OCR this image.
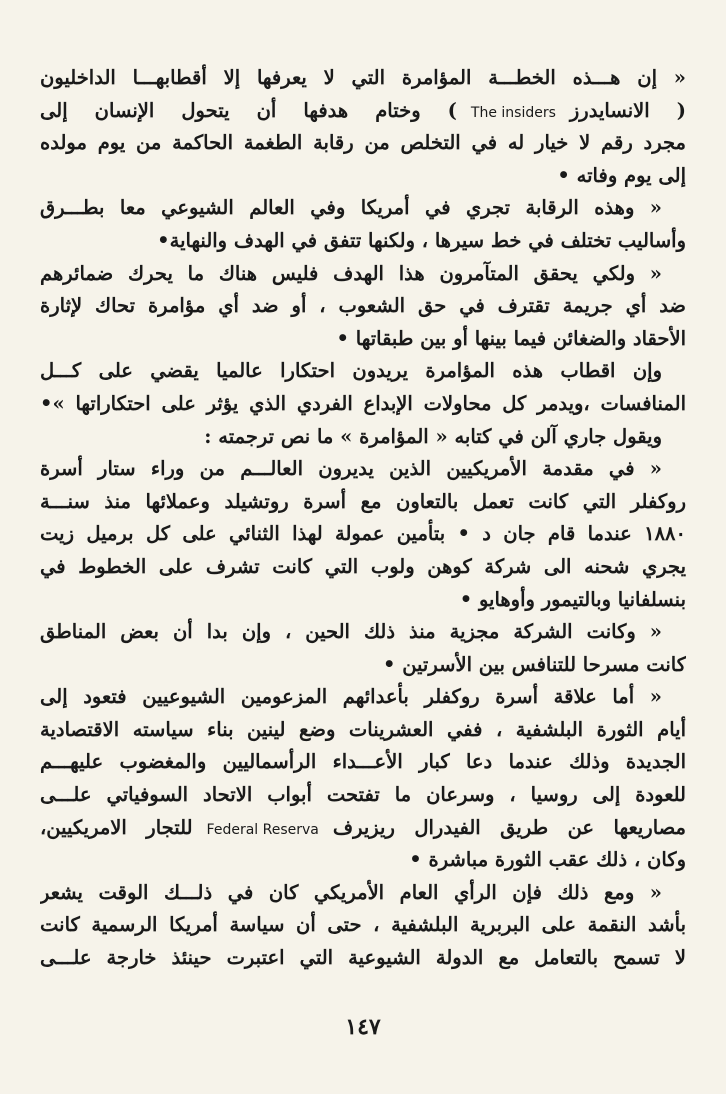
« إن هـــذه الخطـــة المؤامرة التي لا يعرفها إلا أقطابهـــا الداخليون
( الانسايدرزThe insiders) وختام هدفها أن يتحول الإنسان إلى
مجرد رقم لا خيار له في التخلص من رقابة الطغمة الحاكمة من يوم مولده
إلى يوم وفاته •
« وهذه الرقابة تجري في أمريكا وفي العالم الشيوعي معا بطـــرق
وأساليب تختلف في خط سيرها ، ولكنها تتفق في الهدف والنهاية•
« ولكي يحقق المتآمرون هذا الهدف فليس هناك ما يحرك ضمائرهم
ضد أي جريمة تقترف في حق الشعوب ، أو ضد أي مؤامرة تحاك لإثارة
الأحقاد والضغائن فيما بينها أو بين طبقاتها •
وإن اقطاب هذه المؤامرة يريدون احتكارا عالميا يقضي على كـــل
المنافسات ،ويدمر كل محاولات الإبداع الفردي الذي يؤثر على احتكاراتها »•
ويقول جاري آلن في كتابه « المؤامرة » ما نص ترجمته :
« في مقدمة الأمريكيين الذين يديرون العالـــم من وراء ستار أسرة
روكفلر التي كانت تعمل بالتعاون مع أسرة روتشيلد وعملائها منذ سنـــة
١٨٨٠ عندما قام جان د • بتأمين عمولة لهذا الثنائي على كل برميل زيت
يجري شحنه الى شركة كوهن ولوب التي كانت تشرف على الخطوط في
بنسلفانيا وبالتيمور وأوهايو •
« وكانت الشركة مجزية منذ ذلك الحين ، وإن بدا أن بعض المناطق
كانت مسرحا للتنافس بين الأسرتين •
« أما علاقة أسرة روكفلر بأعدائهم المزعومين الشيوعيين فتعود إلى
أيام الثورة البلشفية ، ففي العشرينات وضع لينين بناء سياسته الاقتصادية
الجديدة وذلك عندما دعا كبار الأعـــداء الرأسماليين والمغضوب عليهـــم
للعودة إلى روسيا ، وسرعان ما تفتحت أبواب الاتحاد السوفياتي علـــى
مصاريعها عن طريق الفيدرال ريزيرفFederal Reservaللتجار الامريكيين،
وكان ، ذلك عقب الثورة مباشرة •
« ومع ذلك فإن الرأي العام الأمريكي كان في ذلـــك الوقت يشعر
بأشد النقمة على البربرية البلشفية ، حتى أن سياسة أمريكا الرسمية كانت
لا تسمح بالتعامل مع الدولة الشيوعية التي اعتبرت حينئذ خارجة علـــى
١٤٧
